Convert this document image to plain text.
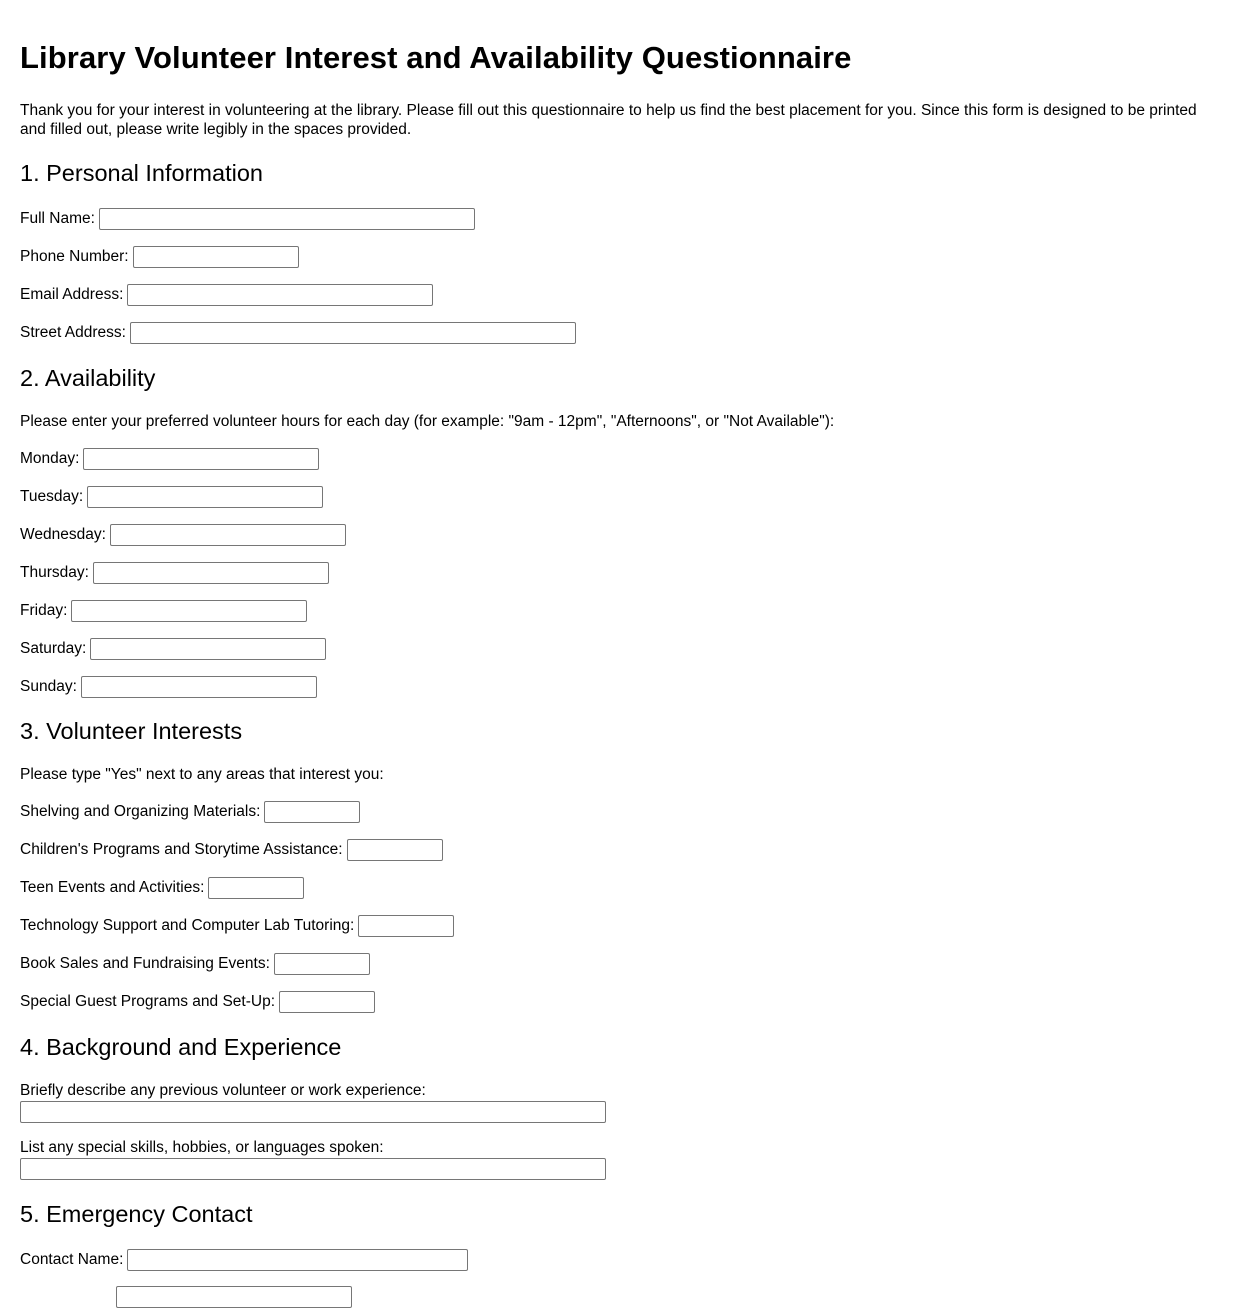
Library Volunteer Interest and Availability Questionnaire
Thank you for your interest in volunteering at the library. Please fill out this questionnaire to help us find the best placement for you. Since this form is designed to be printed and filled out, please write legibly in the spaces provided.
1. Personal Information
Full Name:
Phone Number:
Email Address:
Street Address:
2. Availability
Please enter your preferred volunteer hours for each day (for example: "9am - 12pm", "Afternoons", or "Not Available"):
Monday:
Tuesday:
Wednesday:
Thursday:
Friday:
Saturday:
Sunday:
3. Volunteer Interests
Please type "Yes" next to any areas that interest you:
Shelving and Organizing Materials:
Children's Programs and Storytime Assistance:
Teen Events and Activities:
Technology Support and Computer Lab Tutoring:
Book Sales and Fundraising Events:
Special Guest Programs and Set-Up:
4. Background and Experience
Briefly describe any previous volunteer or work experience:
List any special skills, hobbies, or languages spoken:
5. Emergency Contact
Contact Name:
